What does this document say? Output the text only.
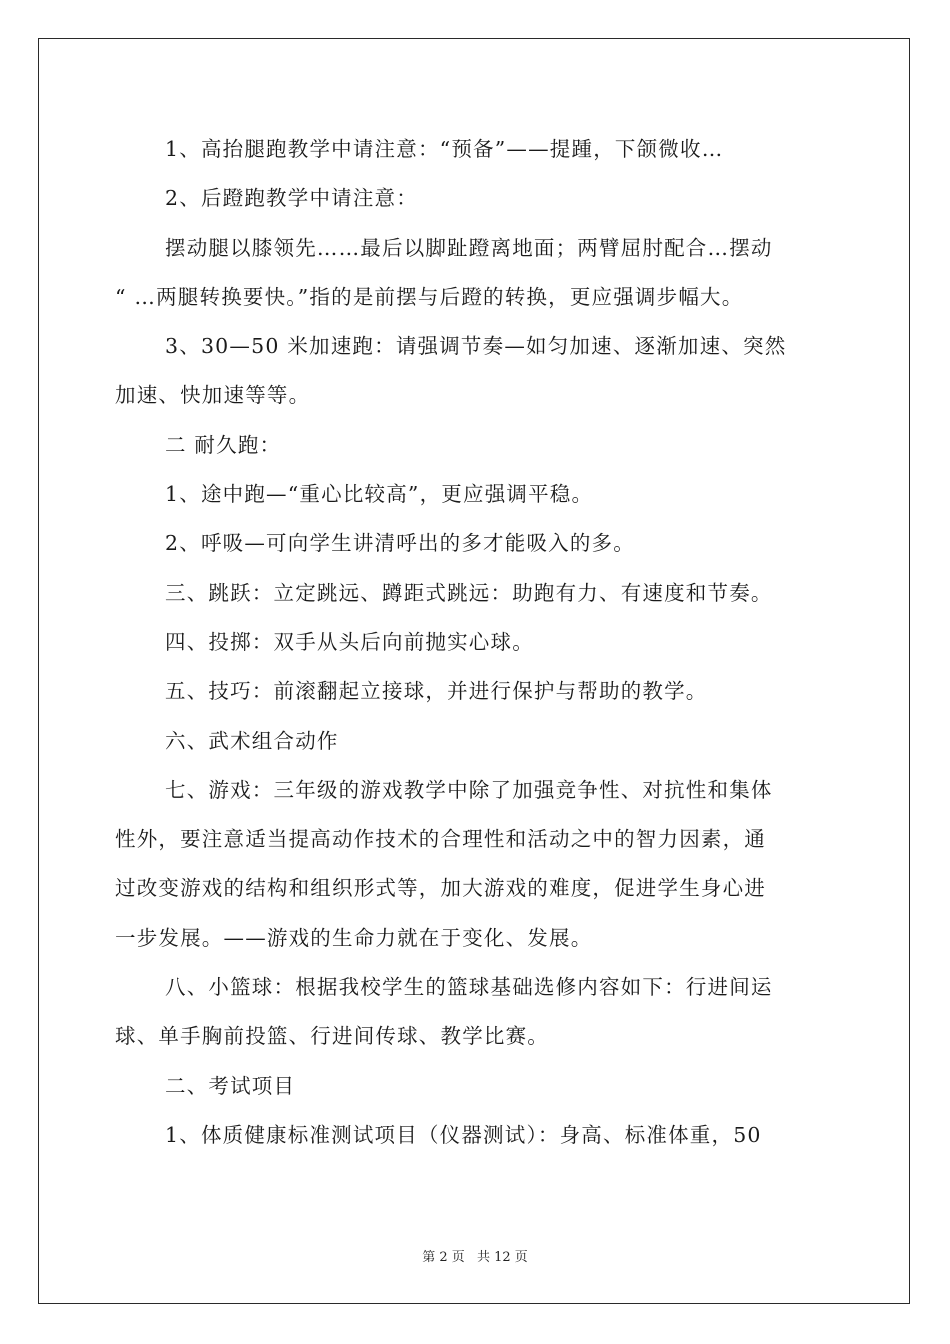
1、高抬腿跑教学中请注意：“预备”——提踵，下颌微收…
2、后蹬跑教学中请注意：
摆动腿以膝领先……最后以脚趾蹬离地面；两臂屈肘配合…摆动
“ …两腿转换要快。”指的是前摆与后蹬的转换，更应强调步幅大。
3、30—50 米加速跑：请强调节奏—如匀加速、逐渐加速、突然
加速、快加速等等。
二 耐久跑：
1、途中跑—“重心比较高”，更应强调平稳。
2、呼吸—可向学生讲清呼出的多才能吸入的多。
三、跳跃：立定跳远、蹲距式跳远：助跑有力、有速度和节奏。
四、投掷：双手从头后向前抛实心球。
五、技巧：前滚翻起立接球，并进行保护与帮助的教学。
六、武术组合动作
七、游戏：三年级的游戏教学中除了加强竞争性、对抗性和集体
性外，要注意适当提高动作技术的合理性和活动之中的智力因素，通
过改变游戏的结构和组织形式等，加大游戏的难度，促进学生身心进
一步发展。——游戏的生命力就在于变化、发展。
八、小篮球：根据我校学生的篮球基础选修内容如下：行进间运
球、单手胸前投篮、行进间传球、教学比赛。
二、考试项目
1、体质健康标准测试项目（仪器测试）：身高、标准体重，50
第 2 页 共 12 页
